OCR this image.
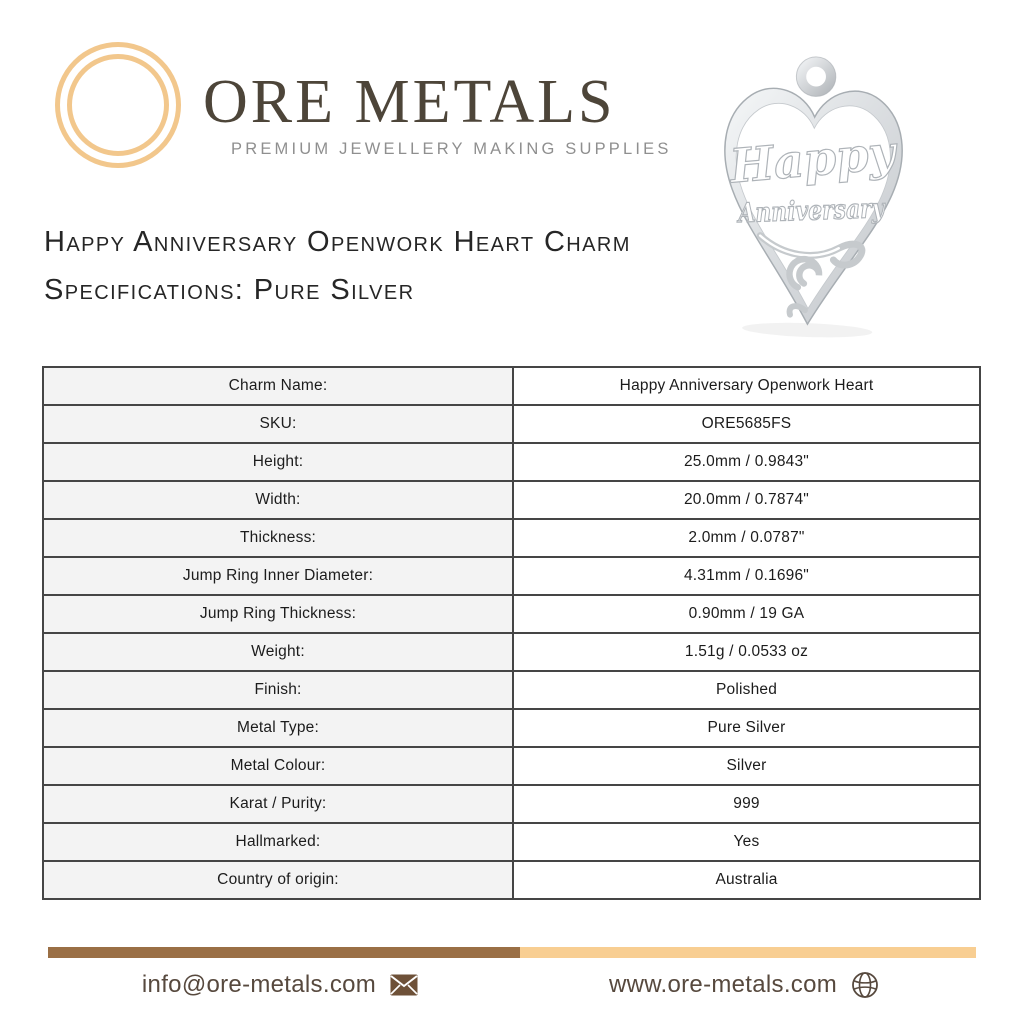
ORE METALS
PREMIUM JEWELLERY MAKING SUPPLIES Happy
Anniversary
Happy Anniversary Openwork Heart Charm
Specifications: Pure Silver
Charm Name:	Happy Anniversary Openwork Heart
SKU:	ORE5685FS
Height:	25.0mm / 0.9843"
Width:	20.0mm / 0.7874"
Thickness:	2.0mm / 0.0787"
Jump Ring Inner Diameter:	4.31mm / 0.1696"
Jump Ring Thickness:	0.90mm / 19 GA
Weight:	1.51g / 0.0533 oz
Finish:	Polished
Metal Type:	Pure Silver
Metal Colour:	Silver
Karat / Purity:	999
Hallmarked:	Yes
Country of origin:	Australia
info@ore-metals.com	www.ore-metals.com
